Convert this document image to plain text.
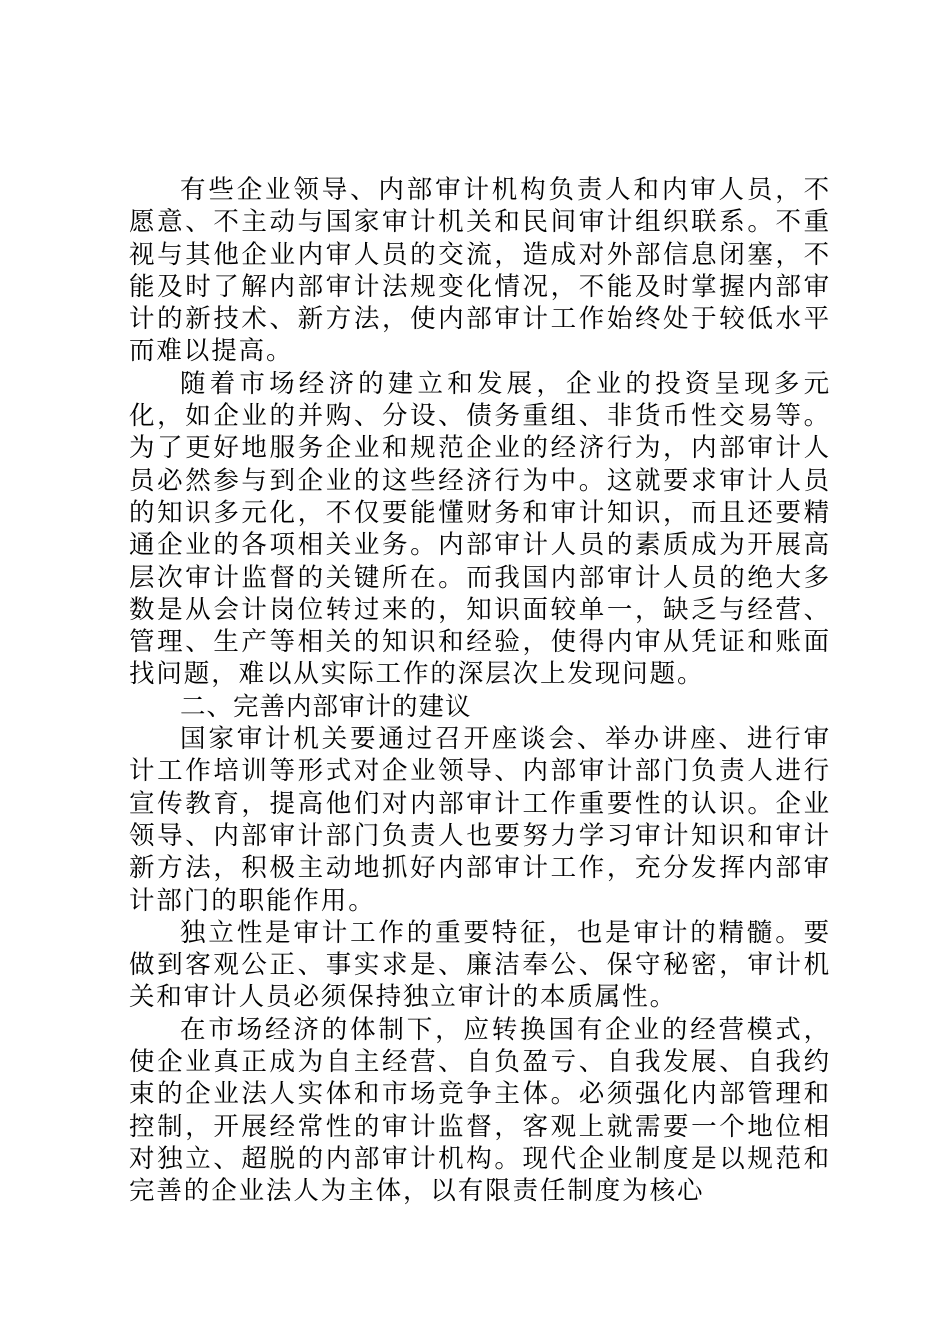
有些企业领导、内部审计机构负责人和内审人员，不愿意、不主动与国家审计机关和民间审计组织联系。不重视与其他企业内审人员的交流，造成对外部信息闭塞，不能及时了解内部审计法规变化情况，不能及时掌握内部审计的新技术、新方法，使内部审计工作始终处于较低水平而难以提高。

随着市场经济的建立和发展，企业的投资呈现多元化，如企业的并购、分设、债务重组、非货币性交易等。为了更好地服务企业和规范企业的经济行为，内部审计人员必然参与到企业的这些经济行为中。这就要求审计人员的知识多元化，不仅要能懂财务和审计知识，而且还要精通企业的各项相关业务。内部审计人员的素质成为开展高层次审计监督的关键所在。而我国内部审计人员的绝大多数是从会计岗位转过来的，知识面较单一，缺乏与经营、管理、生产等相关的知识和经验，使得内审从凭证和账面找问题，难以从实际工作的深层次上发现问题。

二、完善内部审计的建议

国家审计机关要通过召开座谈会、举办讲座、进行审计工作培训等形式对企业领导、内部审计部门负责人进行宣传教育，提高他们对内部审计工作重要性的认识。企业领导、内部审计部门负责人也要努力学习审计知识和审计新方法，积极主动地抓好内部审计工作，充分发挥内部审计部门的职能作用。

独立性是审计工作的重要特征，也是审计的精髓。要做到客观公正、事实求是、廉洁奉公、保守秘密，审计机关和审计人员必须保持独立审计的本质属性。

在市场经济的体制下，应转换国有企业的经营模式，使企业真正成为自主经营、自负盈亏、自我发展、自我约束的企业法人实体和市场竞争主体。必须强化内部管理和控制，开展经常性的审计监督，客观上就需要一个地位相对独立、超脱的内部审计机构。现代企业制度是以规范和完善的企业法人为主体，以有限责任制度为核心
